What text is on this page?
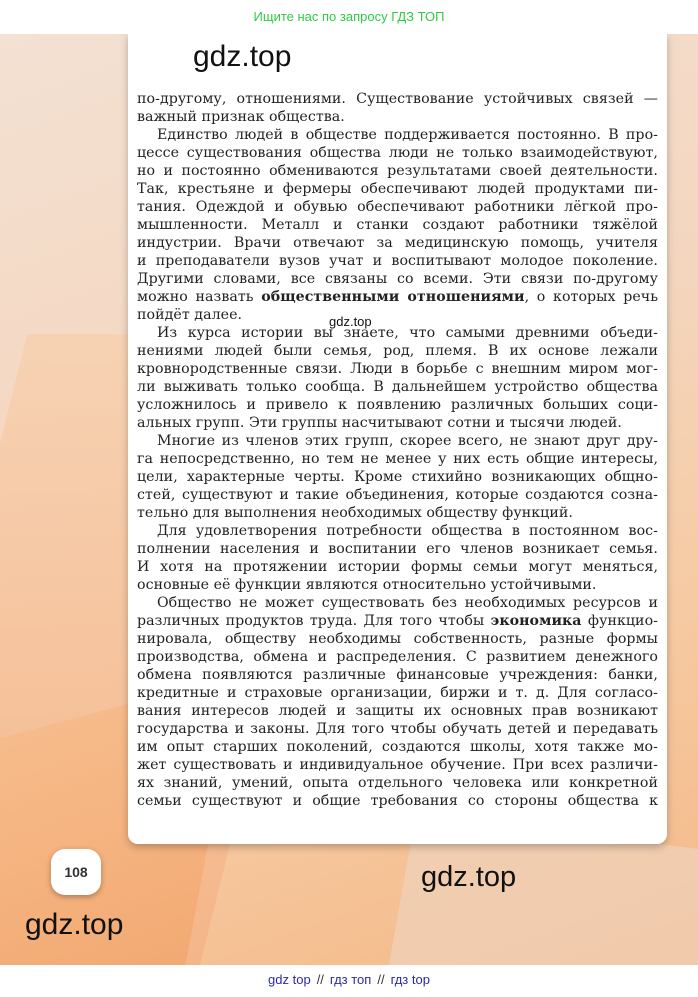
Ищите нас по запросу ГДЗ ТОП
gdz.top
gdz.top
по-другому, отношениями. Существование устойчивых связей —
важный признак общества.
Единство людей в обществе поддерживается постоянно. В про-
цессе существования общества люди не только взаимодействуют,
но и постоянно обмениваются результатами своей деятельности.
Так, крестьяне и фермеры обеспечивают людей продуктами пи-
тания. Одеждой и обувью обеспечивают работники лёгкой про-
мышленности. Металл и станки создают работники тяжёлой
индустрии. Врачи отвечают за медицинскую помощь, учителя
и преподаватели вузов учат и воспитывают молодое поколение.
Другими словами, все связаны со всеми. Эти связи по-другому
можно назвать общественными отношениями, о которых речь
пойдёт далее.
Из курса истории вы знаете, что самыми древними объеди-
нениями людей были семья, род, племя. В их основе лежали
кровнородственные связи. Люди в борьбе с внешним миром мог-
ли выживать только сообща. В дальнейшем устройство общества
усложнилось и привело к появлению различных больших соци-
альных групп. Эти группы насчитывают сотни и тысячи людей.
Многие из членов этих групп, скорее всего, не знают друг дру-
га непосредственно, но тем не менее у них есть общие интересы,
цели, характерные черты. Кроме стихийно возникающих общно-
стей, существуют и такие объединения, которые создаются созна-
тельно для выполнения необходимых обществу функций.
Для удовлетворения потребности общества в постоянном вос-
полнении населения и воспитании его членов возникает семья.
И хотя на протяжении истории формы семьи могут меняться,
основные её функции являются относительно устойчивыми.
Общество не может существовать без необходимых ресурсов и
различных продуктов труда. Для того чтобы экономика функцио-
нировала, обществу необходимы собственность, разные формы
производства, обмена и распределения. С развитием денежного
обмена появляются различные финансовые учреждения: банки,
кредитные и страховые организации, биржи и т. д. Для согласо-
вания интересов людей и защиты их основных прав возникают
государства и законы. Для того чтобы обучать детей и передавать
им опыт старших поколений, создаются школы, хотя также мо-
жет существовать и индивидуальное обучение. При всех различи-
ях знаний, умений, опыта отдельного человека или конкретной
семьи существуют и общие требования со стороны общества к
108	gdz.top
gdz.top
gdz top // гдз топ // гдз top
